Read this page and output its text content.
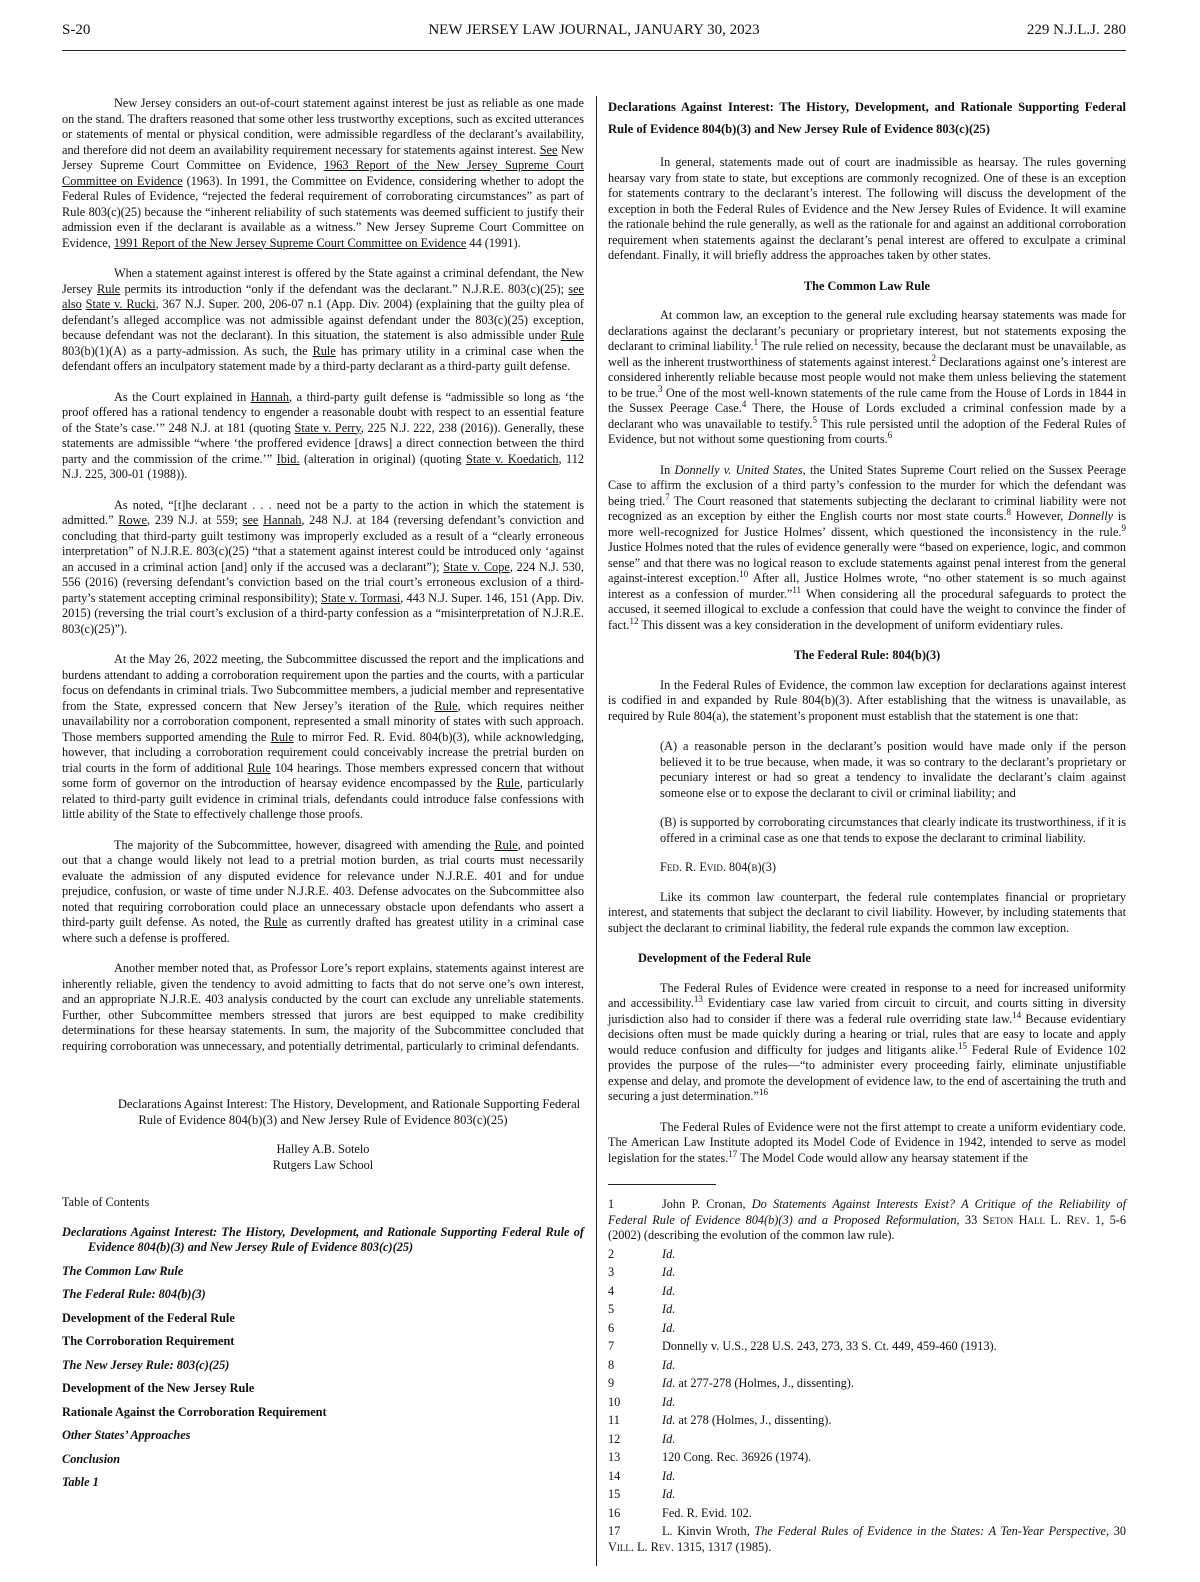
S-20	NEW JERSEY LAW JOURNAL, JANUARY 30, 2023	229 N.J.L.J. 280

New Jersey considers an out-of-court statement against interest be just as reliable as one made on the stand. The drafters reasoned that some other less trustworthy exceptions, such as excited utterances or statements of mental or physical condition, were admissible regardless of the declarant’s availability, and therefore did not deem an availability requirement necessary for statements against interest. See New Jersey Supreme Court Committee on Evidence, 1963 Report of the New Jersey Supreme Court Committee on Evidence (1963). In 1991, the Committee on Evidence, considering whether to adopt the Federal Rules of Evidence, “rejected the federal requirement of corroborating circumstances” as part of Rule 803(c)(25) because the “inherent reliability of such statements was deemed sufficient to justify their admission even if the declarant is available as a witness.” New Jersey Supreme Court Committee on Evidence, 1991 Report of the New Jersey Supreme Court Committee on Evidence 44 (1991).

When a statement against interest is offered by the State against a criminal defendant, the New Jersey Rule permits its introduction “only if the defendant was the declarant.” N.J.R.E. 803(c)(25); see also State v. Rucki, 367 N.J. Super. 200, 206-07 n.1 (App. Div. 2004) (explaining that the guilty plea of defendant’s alleged accomplice was not admissible against defendant under the 803(c)(25) exception, because defendant was not the declarant). In this situation, the statement is also admissible under Rule 803(b)(1)(A) as a party-admission. As such, the Rule has primary utility in a criminal case when the defendant offers an inculpatory statement made by a third-party declarant as a third-party guilt defense.

As the Court explained in Hannah, a third-party guilt defense is “admissible so long as ‘the proof offered has a rational tendency to engender a reasonable doubt with respect to an essential feature of the State’s case.’” 248 N.J. at 181 (quoting State v. Perry, 225 N.J. 222, 238 (2016)). Generally, these statements are admissible “where ‘the proffered evidence [draws] a direct connection between the third party and the commission of the crime.’” Ibid. (alteration in original) (quoting State v. Koedatich, 112 N.J. 225, 300-01 (1988)).

As noted, “[t]he declarant . . . need not be a party to the action in which the statement is admitted.” Rowe, 239 N.J. at 559; see Hannah, 248 N.J. at 184 (reversing defendant’s conviction and concluding that third-party guilt testimony was improperly excluded as a result of a “clearly erroneous interpretation” of N.J.R.E. 803(c)(25) “that a statement against interest could be introduced only ‘against an accused in a criminal action [and] only if the accused was a declarant”); State v. Cope, 224 N.J. 530, 556 (2016) (reversing defendant’s conviction based on the trial court’s erroneous exclusion of a third-party’s statement accepting criminal responsibility); State v. Tormasi, 443 N.J. Super. 146, 151 (App. Div. 2015) (reversing the trial court’s exclusion of a third-party confession as a “misinterpretation of N.J.R.E. 803(c)(25)”).

At the May 26, 2022 meeting, the Subcommittee discussed the report and the implications and burdens attendant to adding a corroboration requirement upon the parties and the courts, with a particular focus on defendants in criminal trials. Two Subcommittee members, a judicial member and representative from the State, expressed concern that New Jersey’s iteration of the Rule, which requires neither unavailability nor a corroboration component, represented a small minority of states with such approach. Those members supported amending the Rule to mirror Fed. R. Evid. 804(b)(3), while acknowledging, however, that including a corroboration requirement could conceivably increase the pretrial burden on trial courts in the form of additional Rule 104 hearings. Those members expressed concern that without some form of governor on the introduction of hearsay evidence encompassed by the Rule, particularly related to third-party guilt evidence in criminal trials, defendants could introduce false confessions with little ability of the State to effectively challenge those proofs.

The majority of the Subcommittee, however, disagreed with amending the Rule, and pointed out that a change would likely not lead to a pretrial motion burden, as trial courts must necessarily evaluate the admission of any disputed evidence for relevance under N.J.R.E. 401 and for undue prejudice, confusion, or waste of time under N.J.R.E. 403. Defense advocates on the Subcommittee also noted that requiring corroboration could place an unnecessary obstacle upon defendants who assert a third-party guilt defense. As noted, the Rule as currently drafted has greatest utility in a criminal case where such a defense is proffered.

Another member noted that, as Professor Lore’s report explains, statements against interest are inherently reliable, given the tendency to avoid admitting to facts that do not serve one’s own interest, and an appropriate N.J.R.E. 403 analysis conducted by the court can exclude any unreliable statements. Further, other Subcommittee members stressed that jurors are best equipped to make credibility determinations for these hearsay statements. In sum, the majority of the Subcommittee concluded that requiring corroboration was unnecessary, and potentially detrimental, particularly to criminal defendants.

Declarations Against Interest: The History, Development, and Rationale Supporting Federal Rule of Evidence 804(b)(3) and New Jersey Rule of Evidence 803(c)(25)

Halley A.B. Sotelo

Rutgers Law School

Table of Contents

Declarations Against Interest: The History, Development, and Rationale Supporting Federal Rule of Evidence 804(b)(3) and New Jersey Rule of Evidence 803(c)(25)

The Common Law Rule

The Federal Rule: 804(b)(3)

Development of the Federal Rule

The Corroboration Requirement

The New Jersey Rule: 803(c)(25)

Development of the New Jersey Rule

Rationale Against the Corroboration Requirement

Other States’ Approaches

Conclusion

Table 1

Declarations Against Interest: The History, Development, and Rationale Supporting Federal Rule of Evidence 804(b)(3) and New Jersey Rule of Evidence 803(c)(25)

In general, statements made out of court are inadmissible as hearsay. The rules governing hearsay vary from state to state, but exceptions are commonly recognized. One of these is an exception for statements contrary to the declarant’s interest. The following will discuss the development of the exception in both the Federal Rules of Evidence and the New Jersey Rules of Evidence. It will examine the rationale behind the rule generally, as well as the rationale for and against an additional corroboration requirement when statements against the declarant’s penal interest are offered to exculpate a criminal defendant. Finally, it will briefly address the approaches taken by other states.

The Common Law Rule

At common law, an exception to the general rule excluding hearsay statements was made for declarations against the declarant’s pecuniary or proprietary interest, but not statements exposing the declarant to criminal liability.$^1$ The rule relied on necessity, because the declarant must be unavailable, as well as the inherent trustworthiness of statements against interest.$^2$ Declarations against one’s interest are considered inherently reliable because most people would not make them unless believing the statement to be true.$^3$ One of the most well-known statements of the rule came from the House of Lords in 1844 in the Sussex Peerage Case.$^4$ There, the House of Lords excluded a criminal confession made by a declarant who was unavailable to testify.$^5$ This rule persisted until the adoption of the Federal Rules of Evidence, but not without some questioning from courts.$^6$

In Donnelly v. United States, the United States Supreme Court relied on the Sussex Peerage Case to affirm the exclusion of a third party’s confession to the murder for which the defendant was being tried.$^7$ The Court reasoned that statements subjecting the declarant to criminal liability were not recognized as an exception by either the English courts nor most state courts.$^8$ However, Donnelly is more well-recognized for Justice Holmes’ dissent, which questioned the inconsistency in the rule.$^9$ Justice Holmes noted that the rules of evidence generally were “based on experience, logic, and common sense” and that there was no logical reason to exclude statements against penal interest from the general against-interest exception.$^{10}$ After all, Justice Holmes wrote, “no other statement is so much against interest as a confession of murder.”$^{11}$ When considering all the procedural safeguards to protect the accused, it seemed illogical to exclude a confession that could have the weight to convince the finder of fact.$^{12}$ This dissent was a key consideration in the development of uniform evidentiary rules.

The Federal Rule: 804(b)(3)

In the Federal Rules of Evidence, the common law exception for declarations against interest is codified in and expanded by Rule 804(b)(3). After establishing that the witness is unavailable, as required by Rule 804(a), the statement’s proponent must establish that the statement is one that:

(A) a reasonable person in the declarant’s position would have made only if the person believed it to be true because, when made, it was so contrary to the declarant’s proprietary or pecuniary interest or had so great a tendency to invalidate the declarant’s claim against someone else or to expose the declarant to civil or criminal liability; and

(B) is supported by corroborating circumstances that clearly indicate its trustworthiness, if it is offered in a criminal case as one that tends to expose the declarant to criminal liability.

Fed. R. Evid. 804(b)(3)

Like its common law counterpart, the federal rule contemplates financial or proprietary interest, and statements that subject the declarant to civil liability. However, by including statements that subject the declarant to criminal liability, the federal rule expands the common law exception.

Development of the Federal Rule

The Federal Rules of Evidence were created in response to a need for increased uniformity and accessibility.$^{13}$ Evidentiary case law varied from circuit to circuit, and courts sitting in diversity jurisdiction also had to consider if there was a federal rule overriding state law.$^{14}$ Because evidentiary decisions often must be made quickly during a hearing or trial, rules that are easy to locate and apply would reduce confusion and difficulty for judges and litigants alike.$^{15}$ Federal Rule of Evidence 102 provides the purpose of the rules—“to administer every proceeding fairly, eliminate unjustifiable expense and delay, and promote the development of evidence law, to the end of ascertaining the truth and securing a just determination.”$^{16}$

The Federal Rules of Evidence were not the first attempt to create a uniform evidentiary code. The American Law Institute adopted its Model Code of Evidence in 1942, intended to serve as model legislation for the states.$^{17}$ The Model Code would allow any hearsay statement if the

1	John P. Cronan, Do Statements Against Interests Exist? A Critique of the Reliability of Federal Rule of Evidence 804(b)(3) and a Proposed Reformulation, 33 Seton Hall L. Rev. 1, 5-6 (2002) (describing the evolution of the common law rule).
2	Id.
3	Id.
4	Id.
5	Id.
6	Id.
7	Donnelly v. U.S., 228 U.S. 243, 273, 33 S. Ct. 449, 459-460 (1913).
8	Id.
9	Id. at 277-278 (Holmes, J., dissenting).
10	Id.
11	Id. at 278 (Holmes, J., dissenting).
12	Id.
13	120 Cong. Rec. 36926 (1974).
14	Id.
15	Id.
16	Fed. R. Evid. 102.
17	L. Kinvin Wroth, The Federal Rules of Evidence in the States: A Ten-Year Perspective, 30 Vill. L. Rev. 1315, 1317 (1985).
